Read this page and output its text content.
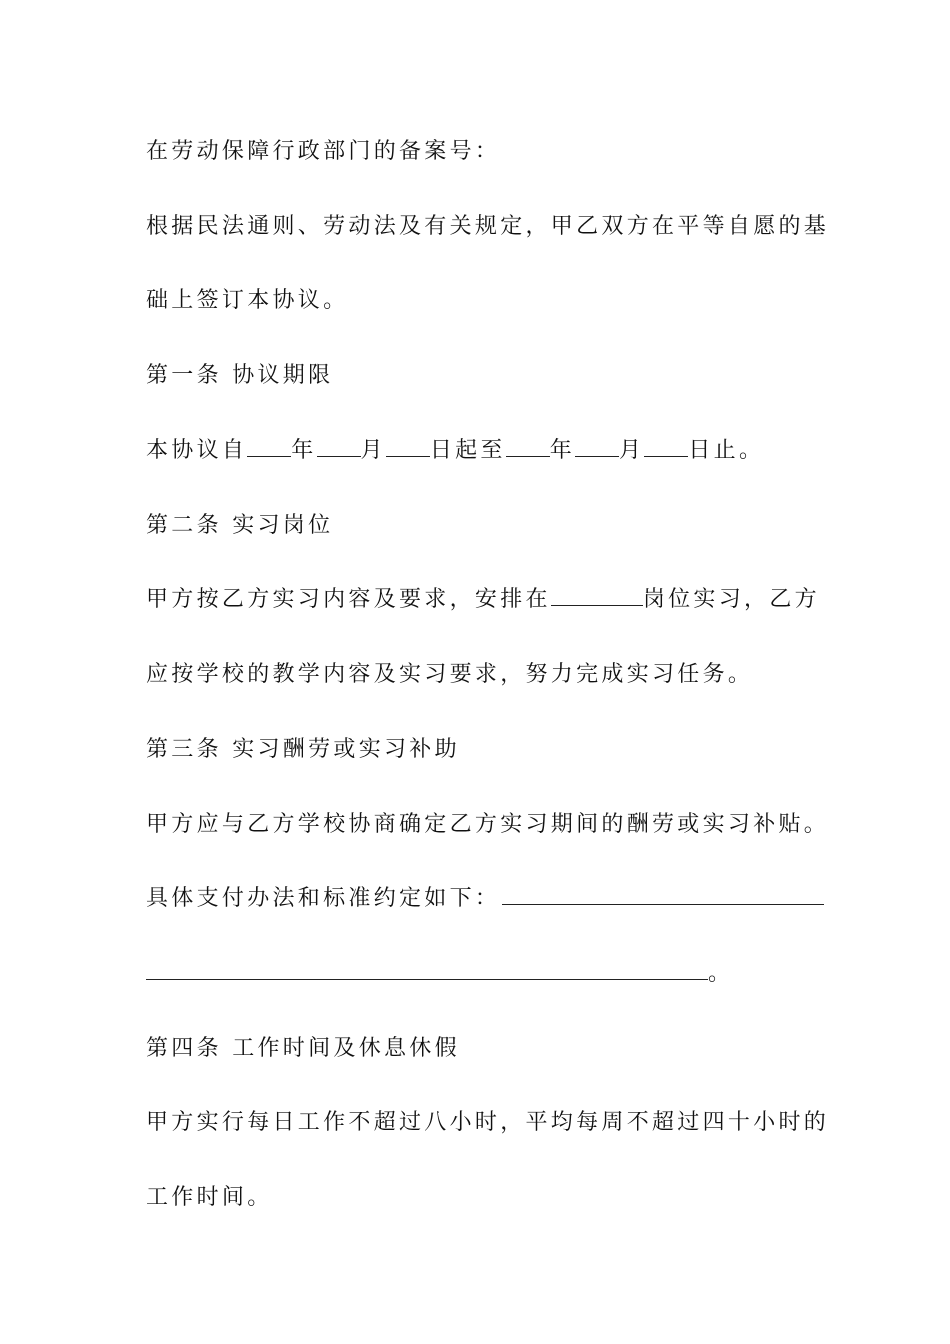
在劳动保障行政部门的备案号：
根据民法通则、劳动法及有关规定，甲乙双方在平等自愿的基
础上签订本协议。
第一条 协议期限
本协议自 年 月 日起至 年 月 日止。
第二条 实习岗位
甲方按乙方实习内容及要求，安排在	岗位实习，乙方
应按学校的教学内容及实习要求，努力完成实习任务。
第三条 实习酬劳或实习补助
甲方应与乙方学校协商确定乙方实习期间的酬劳或实习补贴。
具体支付办法和标准约定如下：
。
第四条 工作时间及休息休假
甲方实行每日工作不超过八小时，平均每周不超过四十小时的
工作时间。
